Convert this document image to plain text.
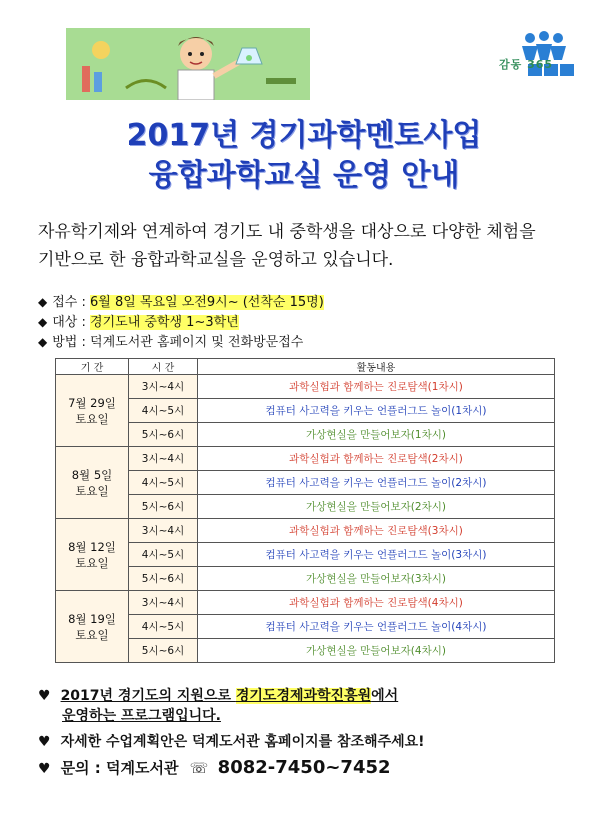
감동 365
2017년 경기과학멘토사업
융합과학교실 운영 안내
자유학기제와 연계하여 경기도 내 중학생을 대상으로 다양한 체험을
기반으로 한 융합과학교실을 운영하고 있습니다.
◆ 접수 : 6월 8일 목요일 오전9시~ (선착순 15명)
◆ 대상 : 경기도내 중학생 1~3학년
◆ 방법 : 덕계도서관 홈페이지 및 전화방문접수
기 간	시 간	활동내용

7월 29일
토요일	3시~4시	과학실험과 함께하는 진로탐색(1차시)
	4시~5시	컴퓨터 사고력을 키우는 언플러그드 놀이(1차시)
	5시~6시	가상현실을 만들어보자(1차시)

8월 5일
토요일	3시~4시	과학실험과 함께하는 진로탐색(2차시)
	4시~5시	컴퓨터 사고력을 키우는 언플러그드 놀이(2차시)
	5시~6시	가상현실을 만들어보자(2차시)

8월 12일
토요일	3시~4시	과학실험과 함께하는 진로탐색(3차시)
	4시~5시	컴퓨터 사고력을 키우는 언플러그드 놀이(3차시)
	5시~6시	가상현실을 만들어보자(3차시)

8월 19일
토요일	3시~4시	과학실험과 함께하는 진로탐색(4차시)
	4시~5시	컴퓨터 사고력을 키우는 언플러그드 놀이(4차시)
	5시~6시	가상현실을 만들어보자(4차시)
♥ 2017년 경기도의 지원으로 경기도경제과학진흥원에서
운영하는 프로그램입니다.
♥ 자세한 수업계획안은 덕계도서관 홈페이지를 참조해주세요!
♥ 문의 : 덕계도서관 ☏ 8082-7450~7452
